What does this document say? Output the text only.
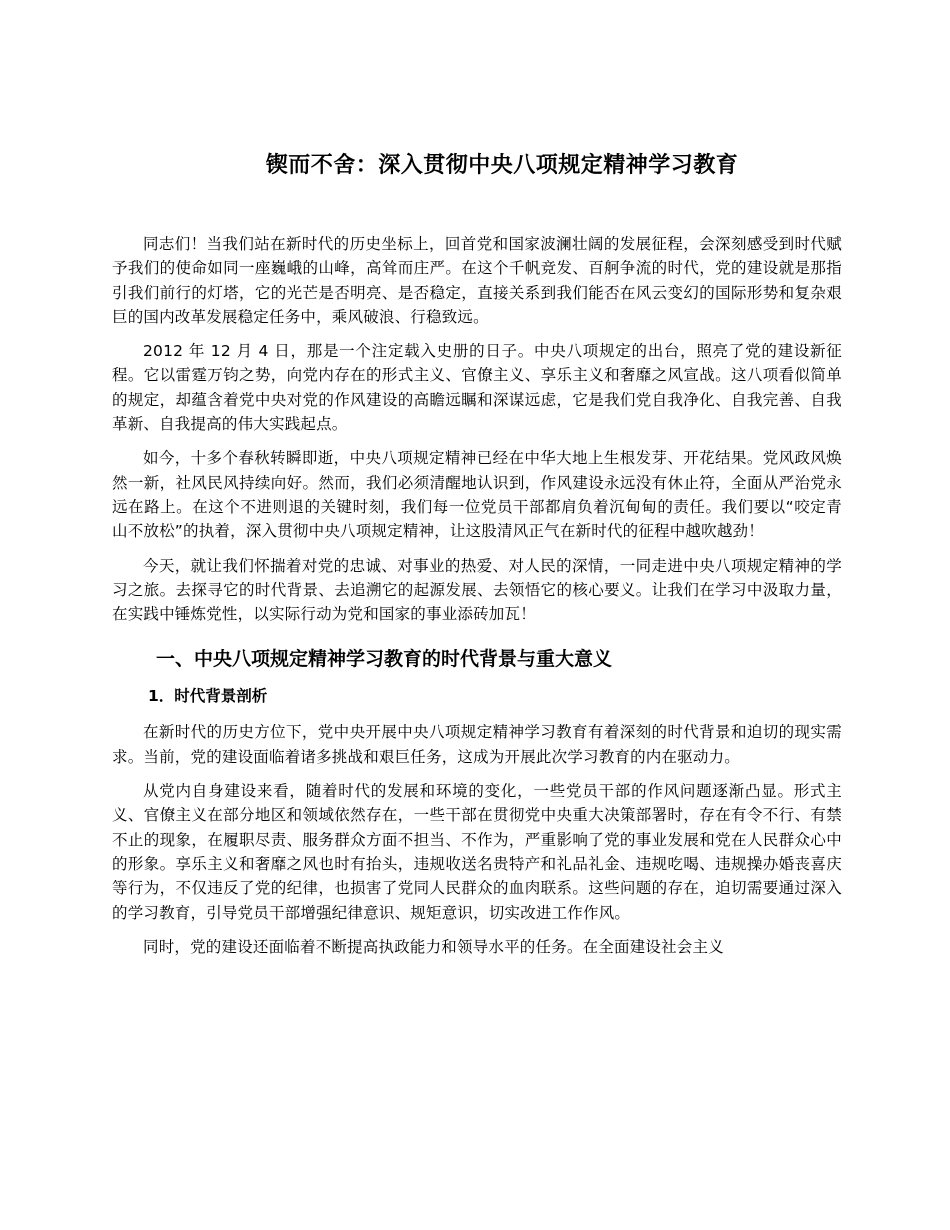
锲而不舍：深入贯彻中央八项规定精神学习教育

同志们！当我们站在新时代的历史坐标上，回首党和国家波澜壮阔的发展征程，会深刻感受到时代赋予我们的使命如同一座巍峨的山峰，高耸而庄严。在这个千帆竞发、百舸争流的时代，党的建设就是那指引我们前行的灯塔，它的光芒是否明亮、是否稳定，直接关系到我们能否在风云变幻的国际形势和复杂艰巨的国内改革发展稳定任务中，乘风破浪、行稳致远。

2012 年 12 月 4 日，那是一个注定载入史册的日子。中央八项规定的出台，照亮了党的建设新征程。它以雷霆万钧之势，向党内存在的形式主义、官僚主义、享乐主义和奢靡之风宣战。这八项看似简单的规定，却蕴含着党中央对党的作风建设的高瞻远瞩和深谋远虑，它是我们党自我净化、自我完善、自我革新、自我提高的伟大实践起点。

如今，十多个春秋转瞬即逝，中央八项规定精神已经在中华大地上生根发芽、开花结果。党风政风焕然一新，社风民风持续向好。然而，我们必须清醒地认识到，作风建设永远没有休止符，全面从严治党永远在路上。在这个不进则退的关键时刻，我们每一位党员干部都肩负着沉甸甸的责任。我们要以“咬定青山不放松”的执着，深入贯彻中央八项规定精神，让这股清风正气在新时代的征程中越吹越劲！

今天，就让我们怀揣着对党的忠诚、对事业的热爱、对人民的深情，一同走进中央八项规定精神的学习之旅。去探寻它的时代背景、去追溯它的起源发展、去领悟它的核心要义。让我们在学习中汲取力量，在实践中锤炼党性，以实际行动为党和国家的事业添砖加瓦！

一、中央八项规定精神学习教育的时代背景与重大意义
1．时代背景剖析

在新时代的历史方位下，党中央开展中央八项规定精神学习教育有着深刻的时代背景和迫切的现实需求。当前，党的建设面临着诸多挑战和艰巨任务，这成为开展此次学习教育的内在驱动力。

从党内自身建设来看，随着时代的发展和环境的变化，一些党员干部的作风问题逐渐凸显。形式主义、官僚主义在部分地区和领域依然存在，一些干部在贯彻党中央重大决策部署时，存在有令不行、有禁不止的现象，在履职尽责、服务群众方面不担当、不作为，严重影响了党的事业发展和党在人民群众心中的形象。享乐主义和奢靡之风也时有抬头，违规收送名贵特产和礼品礼金、违规吃喝、违规操办婚丧喜庆等行为，不仅违反了党的纪律，也损害了党同人民群众的血肉联系。这些问题的存在，迫切需要通过深入的学习教育，引导党员干部增强纪律意识、规矩意识，切实改进工作作风。

同时，党的建设还面临着不断提高执政能力和领导水平的任务。在全面建设社会主义
